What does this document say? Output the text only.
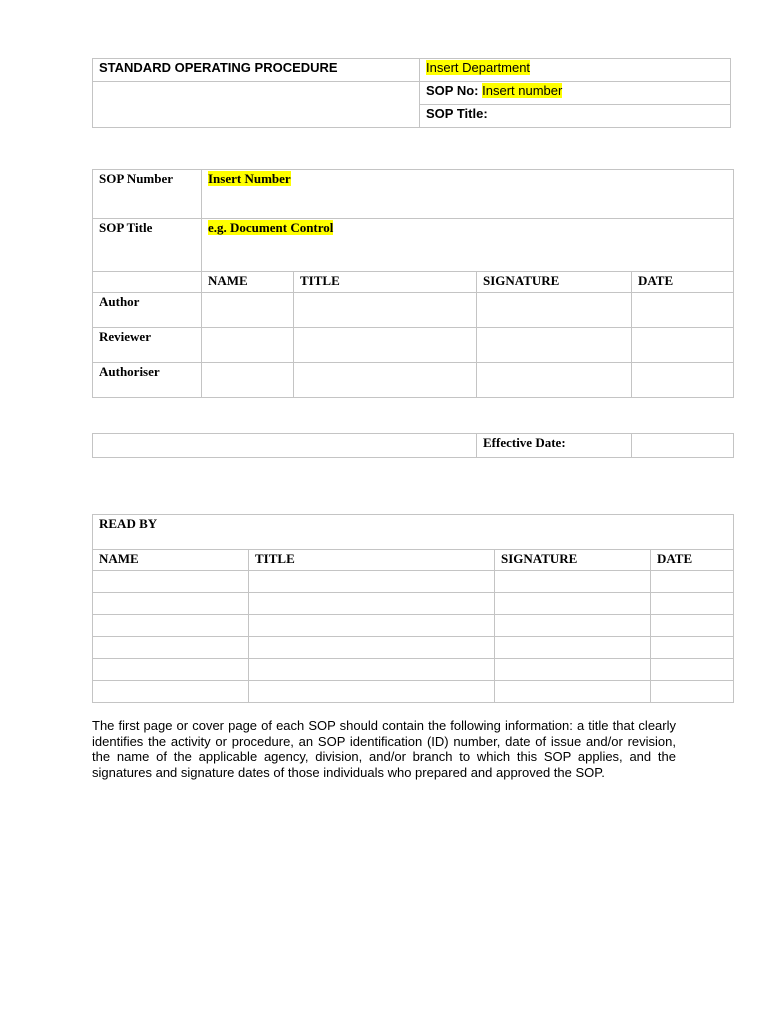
STANDARD OPERATING PROCEDURE	Insert Department
	SOP No: Insert number
	SOP Title:
SOP Number	Insert Number			
SOP Title	e.g. Document Control			
	NAME	TITLE	SIGNATURE	DATE
Author				
Reviewer				
Authoriser				
	Effective Date:	
READ BY			
NAME	TITLE	SIGNATURE	DATE

The first page or cover page of each SOP should contain the following information: a title that clearly identifies the activity or procedure, an SOP identification (ID) number, date of issue and/or revision, the name of the applicable agency, division, and/or branch to which this SOP applies, and the signatures and signature dates of those individuals who prepared and approved the SOP.
